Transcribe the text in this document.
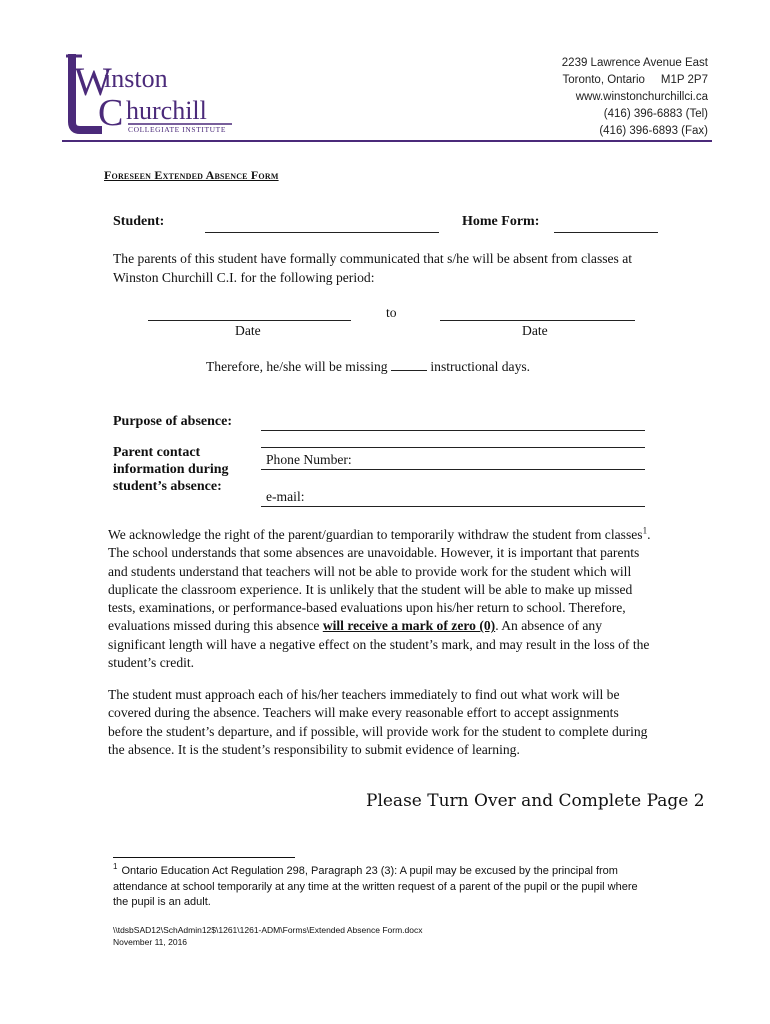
W
inston
C hurchill
COLLEGIATE INSTITUTE
2239 Lawrence Avenue East
Toronto, Ontario     M1P 2P7
www.winstonchurchillci.ca
(416) 396-6883 (Tel)
(416) 396-6893 (Fax)
Foreseen Extended Absence Form
Student:	Home Form:
The parents of this student have formally communicated that s/he will be absent from classes at Winston Churchill C.I. for the following period:
to
Date	Date
Therefore, he/she will be missing	instructional days.
Purpose of absence:
Parent contact
information during
student’s absence:
Phone Number:
e-mail:
We acknowledge the right of the parent/guardian to temporarily withdraw the student from classes$^1$. The school understands that some absences are unavoidable. However, it is important that parents and students understand that teachers will not be able to provide work for the student which will duplicate the classroom experience. It is unlikely that the student will be able to make up missed tests, examinations, or performance-based evaluations upon his/her return to school. Therefore, evaluations missed during this absence will receive a mark of zero (0). An absence of any significant length will have a negative effect on the student’s mark, and may result in the loss of the student’s credit.
The student must approach each of his/her teachers immediately to find out what work will be covered during the absence. Teachers will make every reasonable effort to accept assignments before the student’s departure, and if possible, will provide work for the student to complete during the absence. It is the student’s responsibility to submit evidence of learning.
Please Turn Over and Complete Page 2
$^1$ Ontario Education Act Regulation 298, Paragraph 23 (3): A pupil may be excused by the principal from attendance at school temporarily at any time at the written request of a parent of the pupil or the pupil where the pupil is an adult.
\\tdsbSAD12\SchAdmin12$\1261\1261-ADM\Forms\Extended Absence Form.docx
November 11, 2016
